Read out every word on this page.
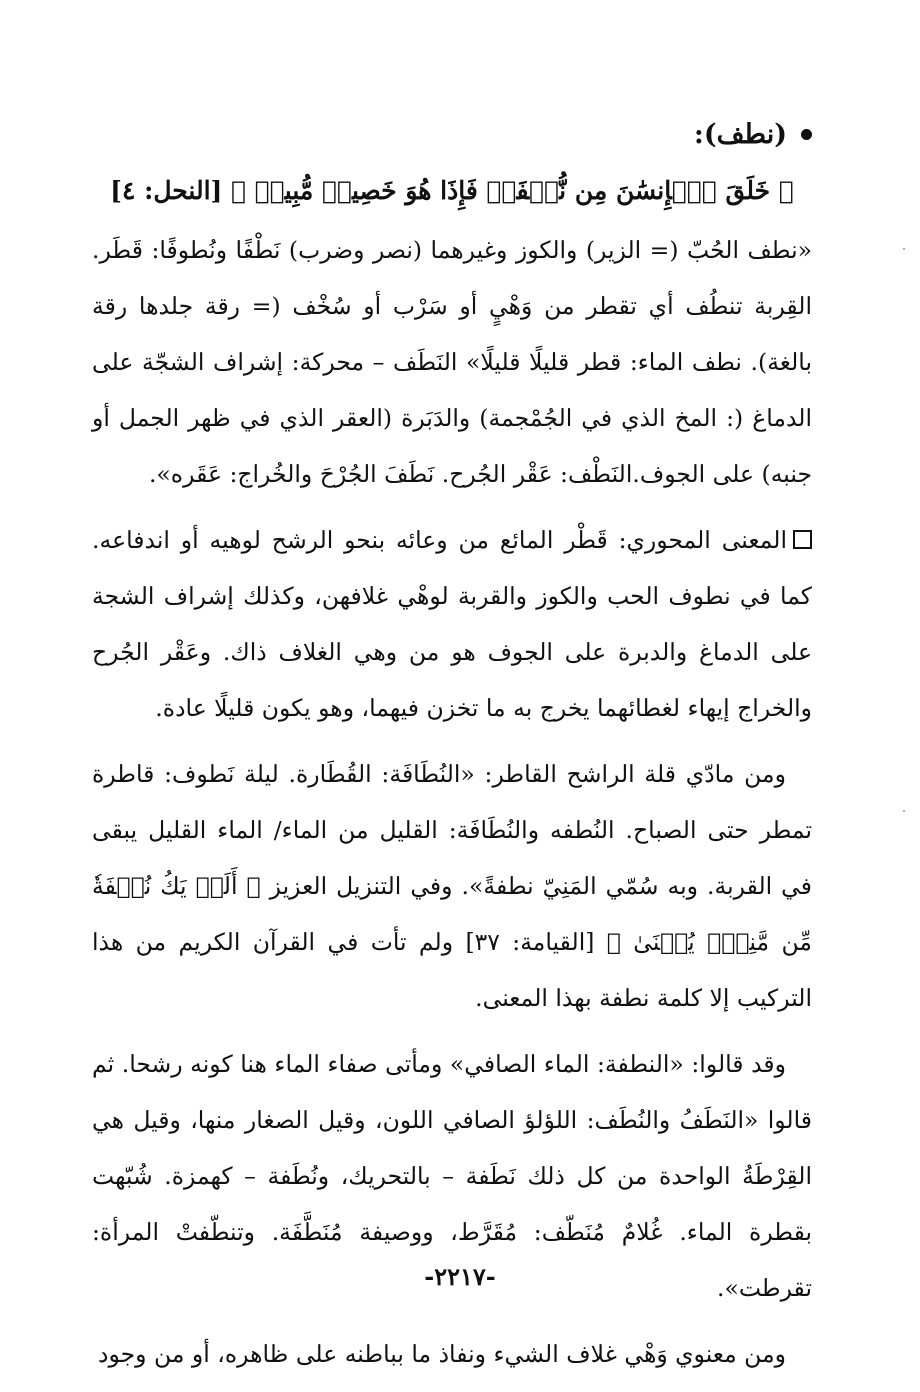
(نطف):
﴿ خَلَقَ ٱلۡإِنسَٰنَ مِن نُّطۡفَةٖ فَإِذَا هُوَ خَصِيمٞ مُّبِينٞ ﴾ [النحل: ٤]

«نطف الحُبّ (= الزير) والكوز وغيرهما (نصر وضرب) نَطْفًا ونُطوفًا: قَطَر. القِربة تنطُف أي تقطر من وَهْيٍ أو سَرْب أو سُخْف (= رقة جلدها رقة بالغة). نطف الماء: قطر قليلًا قليلًا» النَطَف – محركة: إشراف الشجّة على الدماغ (: المخ الذي في الجُمْجمة) والدَبَرة (العقر الذي في ظهر الجمل أو جنبه) على الجوف.النَطْف: عَقْر الجُرح. نَطَفَ الجُرْحَ والخُراج: عَقَره».

المعنى المحوري: قَطْر المائع من وعائه بنحو الرشح لوهيه أو اندفاعه. كما في نطوف الحب والكوز والقربة لوهْي غلافهن، وكذلك إشراف الشجة على الدماغ والدبرة على الجوف هو من وهي الغلاف ذاك. وعَقْر الجُرح والخراج إيهاء لغطائهما يخرج به ما تخزن فيهما، وهو يكون قليلًا عادة.

ومن مادّي قلة الراشح القاطر: «النُطَافَة: القُطَارة. ليلة نَطوف: قاطرة تمطر حتى الصباح. النُطفه والنُطَافَة: القليل من الماء/ الماء القليل يبقى في القربة. وبه سُمّي المَنِيّ نطفةً». وفي التنزيل العزيز ﴿ أَلَمۡ يَكُ نُطۡفَةٗ مِّن مَّنِيّٖ يُمۡنَىٰ ﴾ [القيامة: ٣٧] ولم تأت في القرآن الكريم من هذا التركيب إلا كلمة نطفة بهذا المعنى.

وقد قالوا: «النطفة: الماء الصافي» ومأتى صفاء الماء هنا كونه رشحا. ثم قالوا «النَطَفُ والنُطَف: اللؤلؤ الصافي اللون، وقيل الصغار منها، وقيل هي القِرْطَةُ الواحدة من كل ذلك نَطَفة – بالتحريك، ونُطَفة – كهمزة. شُبّهت بقطرة الماء. غُلامٌ مُنَطّف: مُقَرَّط، ووصيفة مُنَطَّفَة. وتنطّفتْ المرأة: تقرطت».

ومن معنوي وَهْي غلاف الشيء ونفاذ ما بباطنه على ظاهره، أو من وجود

-٢٢١٧-
